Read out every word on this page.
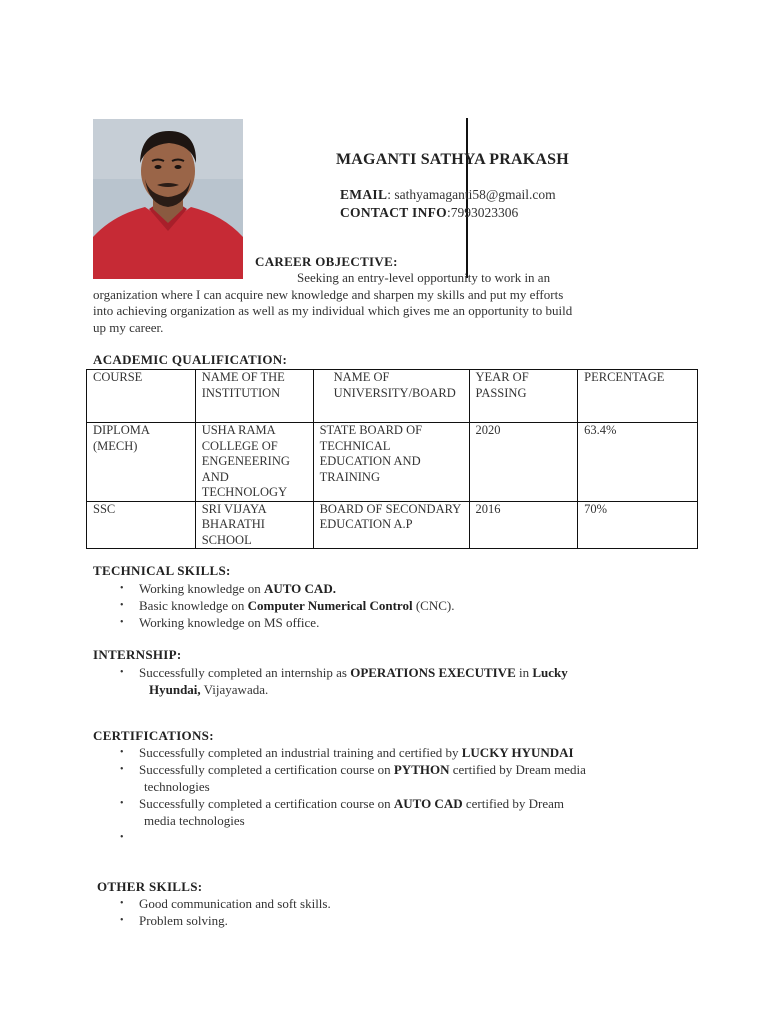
MAGANTI SATHYA PRAKASH
EMAIL: sathyamaganti58@gmail.com
CONTACT INFO:7993023306
CAREER OBJECTIVE:
Seeking an entry-level opportunity to work in an
organization where I can acquire new knowledge and sharpen my skills and put my efforts
into achieving organization as well as my individual which gives me an opportunity to build
up my career.
ACADEMIC QUALIFICATION:
COURSE	NAME OF THE INSTITUTION	NAME OF UNIVERSITY/BOARD	YEAR OF PASSING	PERCENTAGE
DIPLOMA (MECH)	USHA RAMA COLLEGE OF ENGENEERING AND TECHNOLOGY	STATE BOARD OF TECHNICAL EDUCATION AND TRAINING	2020	63.4%
SSC	SRI VIJAYA BHARATHI SCHOOL	BOARD OF SECONDARY EDUCATION A.P	2016	70%
TECHNICAL SKILLS:
• Working knowledge on AUTO CAD.
• Basic knowledge on Computer Numerical Control (CNC).
• Working knowledge on MS office.
INTERNSHIP:
• Successfully completed an internship as OPERATIONS EXECUTIVE in Lucky
Hyundai, Vijayawada.
CERTIFICATIONS:
• Successfully completed an industrial training and certified by LUCKY HYUNDAI
• Successfully completed a certification course on PYTHON certified by Dream media
technologies
• Successfully completed a certification course on AUTO CAD certified by Dream
media technologies
•
OTHER SKILLS:
• Good communication and soft skills.
• Problem solving.
